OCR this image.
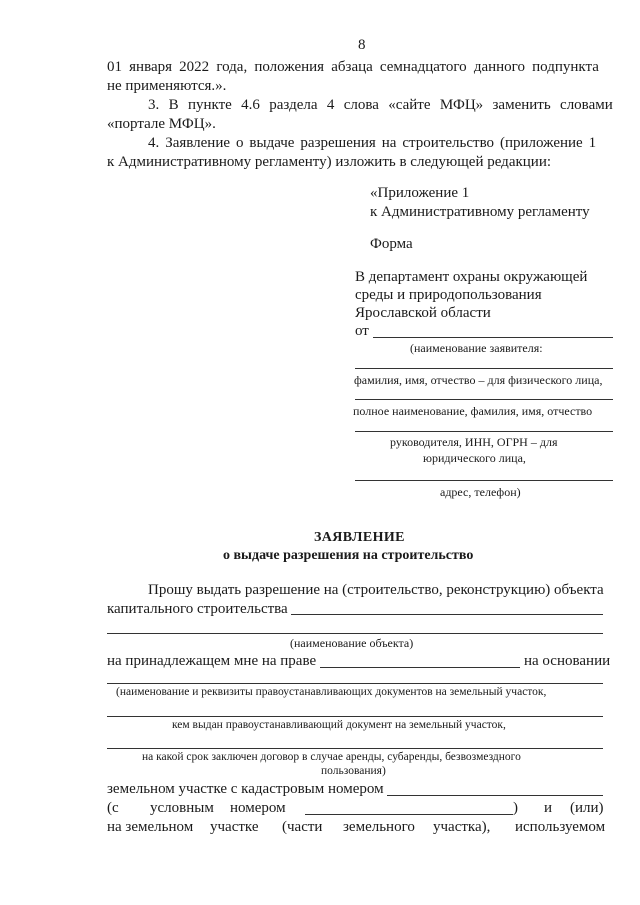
8
01 января 2022 года, положения абзаца семнадцатого данного подпункта
не применяются.».
3. В пункте 4.6 раздела 4 слова «сайте МФЦ» заменить словами
«портале МФЦ».
4. Заявление о выдаче разрешения на строительство (приложение 1
к Административному регламенту) изложить в следующей редакции:
«Приложение 1
к Административному регламенту
Форма
В департамент охраны окружающей
среды и природопользования
Ярославской области
от
(наименование заявителя:
фамилия, имя, отчество – для физического лица,
полное наименование, фамилия, имя, отчество
руководителя, ИНН, ОГРН – для
юридического лица,
адрес, телефон)
ЗАЯВЛЕНИЕ
о выдаче разрешения на строительство
Прошу выдать разрешение на (строительство, реконструкцию) объекта
капитального строительства
(наименование объекта)
на принадлежащем мне на праве	на основании
(наименование и реквизиты правоустанавливающих документов на земельный участок,
кем выдан правоустанавливающий документ на земельный участок,
на какой срок заключен договор в случае аренды, субаренды, безвозмездного
пользования)
земельном участке с кадастровым номером
(с условным номером	) и (или)
на земельном участке (части земельного участка), используемом
